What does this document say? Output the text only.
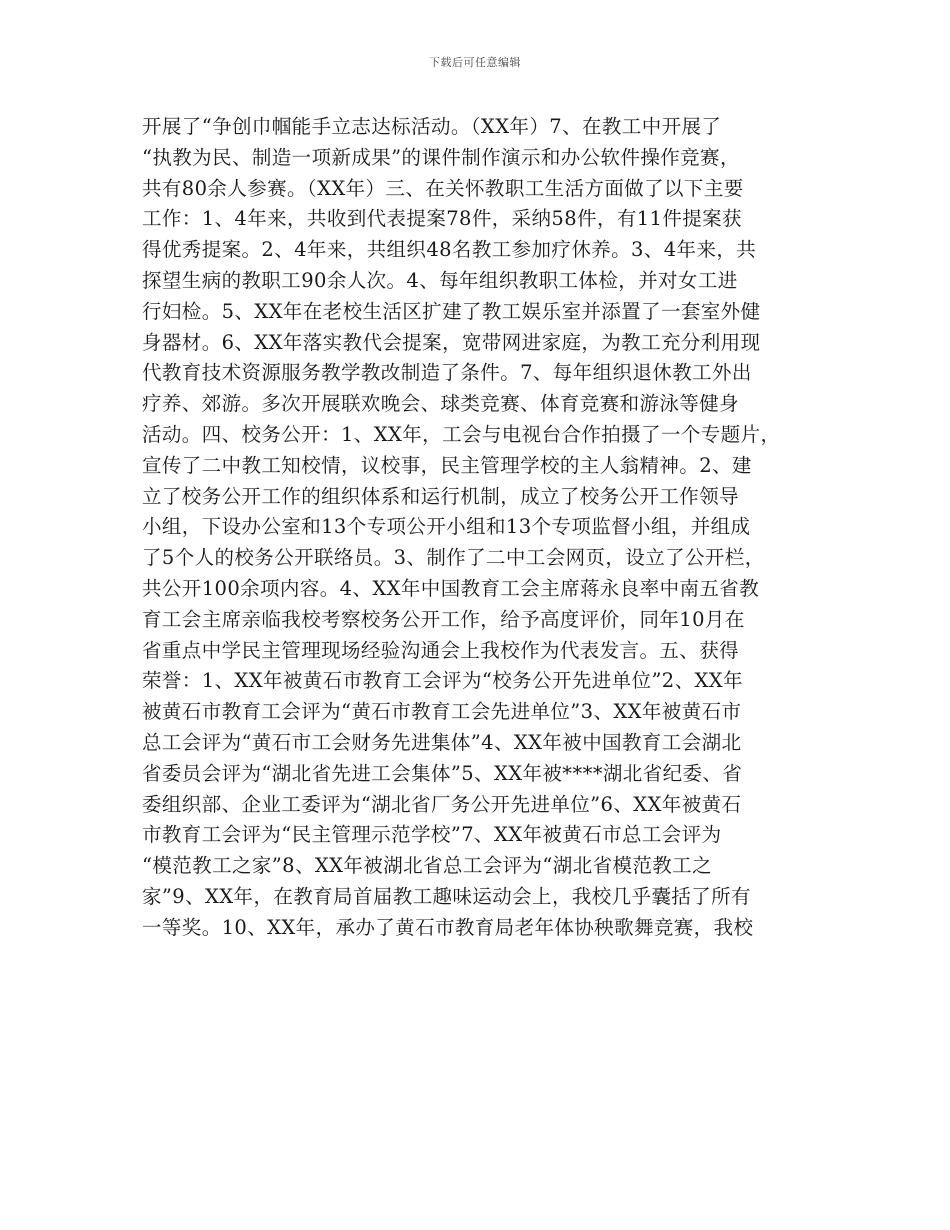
下载后可任意编辑
开展了“争创巾帼能手立志达标活动。（XX年）7、在教工中开展了
“执教为民、制造一项新成果”的课件制作演示和办公软件操作竞赛，
共有80余人参赛。（XX年）三、在关怀教职工生活方面做了以下主要
工作：1、4年来，共收到代表提案78件，采纳58件，有11件提案获
得优秀提案。2、4年来，共组织48名教工参加疗休养。3、4年来，共
探望生病的教职工90余人次。4、每年组织教职工体检，并对女工进
行妇检。5、XX年在老校生活区扩建了教工娱乐室并添置了一套室外健
身器材。6、XX年落实教代会提案，宽带网进家庭，为教工充分利用现
代教育技术资源服务教学教改制造了条件。7、每年组织退休教工外出
疗养、郊游。多次开展联欢晚会、球类竞赛、体育竞赛和游泳等健身
活动。四、校务公开：1、XX年，工会与电视台合作拍摄了一个专题片，
宣传了二中教工知校情，议校事，民主管理学校的主人翁精神。2、建
立了校务公开工作的组织体系和运行机制，成立了校务公开工作领导
小组，下设办公室和13个专项公开小组和13个专项监督小组，并组成
了5个人的校务公开联络员。3、制作了二中工会网页，设立了公开栏，
共公开100余项内容。4、XX年中国教育工会主席蒋永良率中南五省教
育工会主席亲临我校考察校务公开工作，给予高度评价，同年10月在
省重点中学民主管理现场经验沟通会上我校作为代表发言。五、获得
荣誉：1、XX年被黄石市教育工会评为“校务公开先进单位”2、XX年
被黄石市教育工会评为“黄石市教育工会先进单位”3、XX年被黄石市
总工会评为“黄石市工会财务先进集体”4、XX年被中国教育工会湖北
省委员会评为“湖北省先进工会集体”5、XX年被****湖北省纪委、省
委组织部、企业工委评为“湖北省厂务公开先进单位”6、XX年被黄石
市教育工会评为“民主管理示范学校”7、XX年被黄石市总工会评为
“模范教工之家”8、XX年被湖北省总工会评为“湖北省模范教工之
家”9、XX年，在教育局首届教工趣味运动会上，我校几乎囊括了所有
一等奖。10、XX年，承办了黄石市教育局老年体协秧歌舞竞赛，我校
